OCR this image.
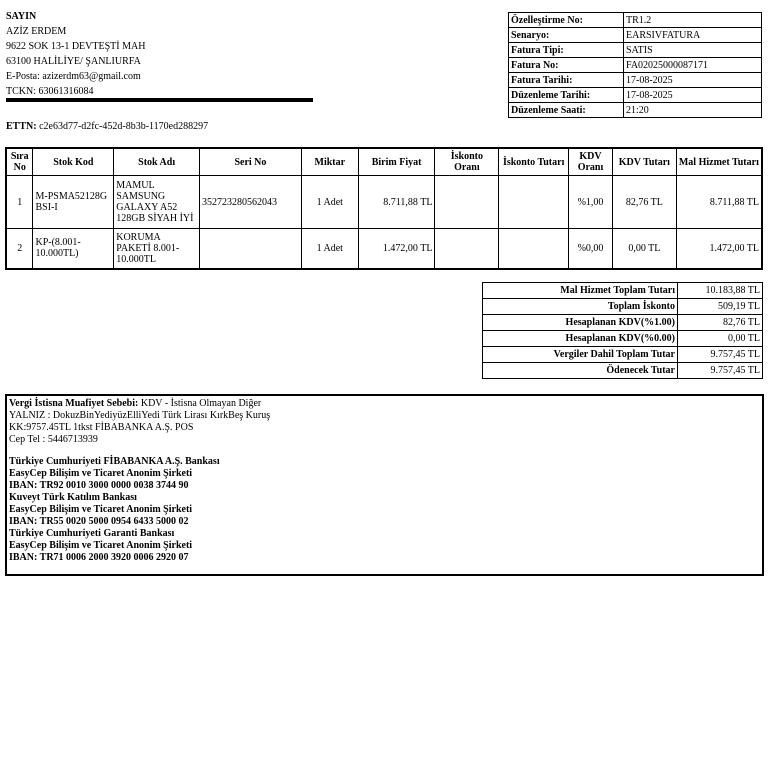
SAYIN
AZİZ ERDEM
9622 SOK 13-1 DEVTEŞTİ MAH
63100 HALİLİYE/ ŞANLIURFA
E-Posta: azizerdm63@gmail.com
TCKN: 63061316084
ETTN: c2e63d77-d2fc-452d-8b3b-1170ed288297
Özelleştirme No:	TR1.2
Senaryo:	EARSIVFATURA
Fatura Tipi:	SATIS
Fatura No:	FA02025000087171
Fatura Tarihi:	17-08-2025
Düzenleme Tarihi:	17-08-2025
Düzenleme Saati:	21:20
Sıra No	Stok Kod	Stok Adı	Seri No	Miktar	Birim Fiyat	İskonto Oranı	İskonto Tutarı	KDV Oranı	KDV Tutarı	Mal Hizmet Tutarı
1	M-PSMA52128GBSI-I	MAMUL SAMSUNG GALAXY A52 128GB SİYAH İYİ	352723280562043	1 Adet	8.711,88 TL			%1,00	82,76 TL	8.711,88 TL
2	KP-(8.001-10.000TL)	KORUMA PAKETİ 8.001-10.000TL		1 Adet	1.472,00 TL			%0,00	0,00 TL	1.472,00 TL
Mal Hizmet Toplam Tutarı	10.183,88 TL
Toplam İskonto	509,19 TL
Hesaplanan KDV(%1.00)	82,76 TL
Hesaplanan KDV(%0.00)	0,00 TL
Vergiler Dahil Toplam Tutar	9.757,45 TL
Ödenecek Tutar	9.757,45 TL
Vergi İstisna Muafiyet Sebebi: KDV - İstisna Olmayan Diğer
YALNIZ : DokuzBinYediyüzElliYedi Türk Lirası KırkBeş Kuruş
KK:9757.45TL 1tkst FİBABANKA A.Ş. POS
Cep Tel : 5446713939
Türkiye Cumhuriyeti FİBABANKA A.Ş. Bankası
EasyCep Bilişim ve Ticaret Anonim Şirketi
IBAN: TR92 0010 3000 0000 0038 3744 90
Kuveyt Türk Katılım Bankası
EasyCep Bilişim ve Ticaret Anonim Şirketi
IBAN: TR55 0020 5000 0954 6433 5000 02
Türkiye Cumhuriyeti Garanti Bankası
EasyCep Bilişim ve Ticaret Anonim Şirketi
IBAN: TR71 0006 2000 3920 0006 2920 07
